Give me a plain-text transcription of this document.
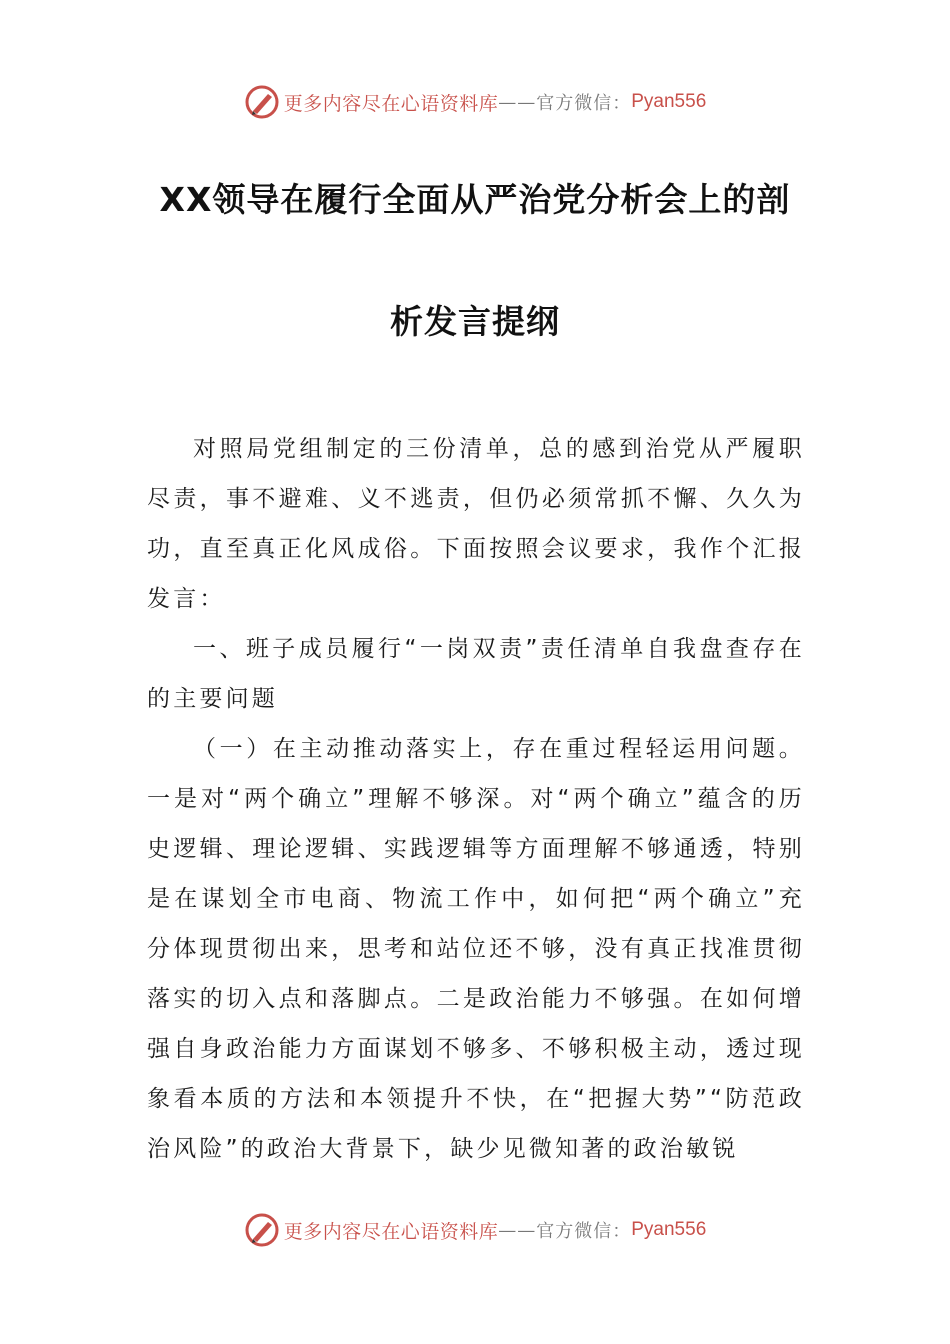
更多内容尽在心语资料库 —— 官方微信： Pyan556
XX领导在履行全面从严治党分析会上的剖
析发言提纲

对照局党组制定的三份清单，总的感到治党从严履职尽责，事不避难、义不逃责，但仍必须常抓不懈、久久为功，直至真正化风成俗。下面按照会议要求，我作个汇报发言：

一、班子成员履行“一岗双责”责任清单自我盘查存在的主要问题

（一）在主动推动落实上，存在重过程轻运用问题。一是对“两个确立”理解不够深。对“两个确立”蕴含的历史逻辑、理论逻辑、实践逻辑等方面理解不够通透，特别是在谋划全市电商、物流工作中，如何把“两个确立”充分体现贯彻出来，思考和站位还不够，没有真正找准贯彻落实的切入点和落脚点。二是政治能力不够强。在如何增强自身政治能力方面谋划不够多、不够积极主动，透过现象看本质的方法和本领提升不快，在“把握大势”“防范政治风险”的政治大背景下，缺少见微知著的政治敏锐

更多内容尽在心语资料库 —— 官方微信： Pyan556
